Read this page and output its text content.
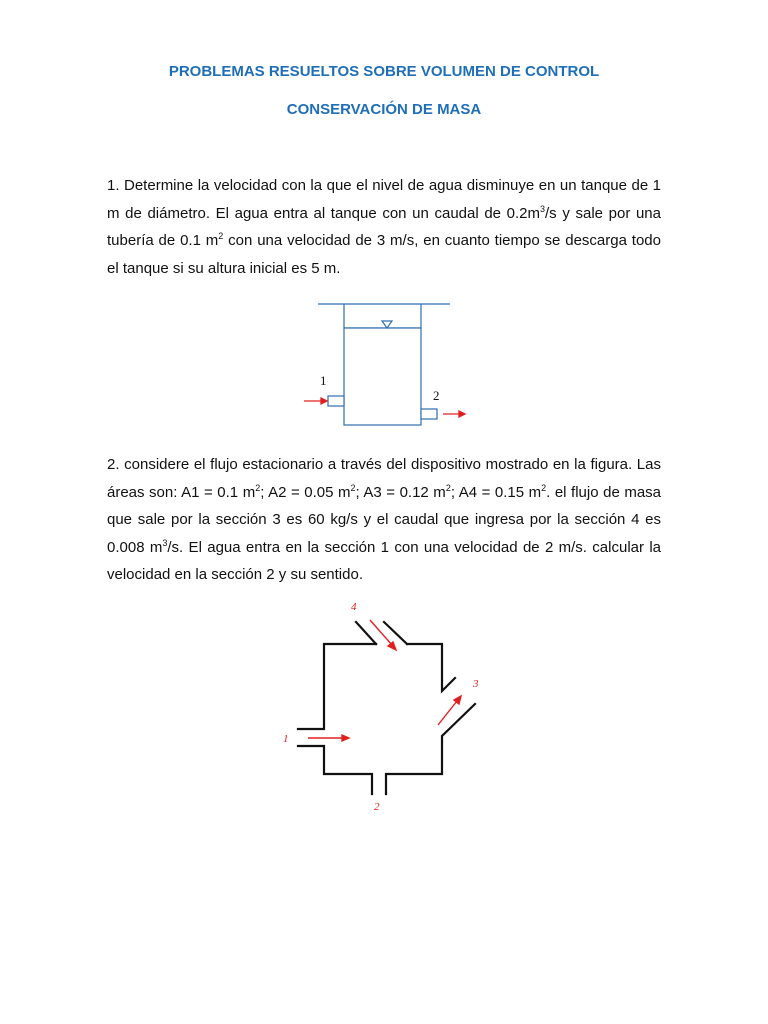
PROBLEMAS RESUELTOS SOBRE VOLUMEN DE CONTROL
CONSERVACIÓN DE MASA
1. Determine la velocidad con la que el nivel de agua disminuye en un tanque de 1
m de diámetro. El agua entra al tanque con un caudal de $0.2m^3/s$ y sale por una
tubería de 0.1 $m^2$ con una velocidad de 3 m/s, en cuanto tiempo se descarga todo
el tanque si su altura inicial es 5 m.
1
2
2. considere el flujo estacionario a través del dispositivo mostrado en la figura. Las
áreas son: A1 = 0.1 $m^2$; A2 = 0.05 $m^2$; A3 = 0.12 $m^2$; A4 = 0.15 $m^2$. el flujo de masa
que sale por la sección 3 es 60 kg/s y el caudal que ingresa por la sección 4 es
0.008 $m^3/s$. El agua entra en la sección 1 con una velocidad de 2 m/s. calcular la
velocidad en la sección 2 y su sentido.
1
2
3
4
